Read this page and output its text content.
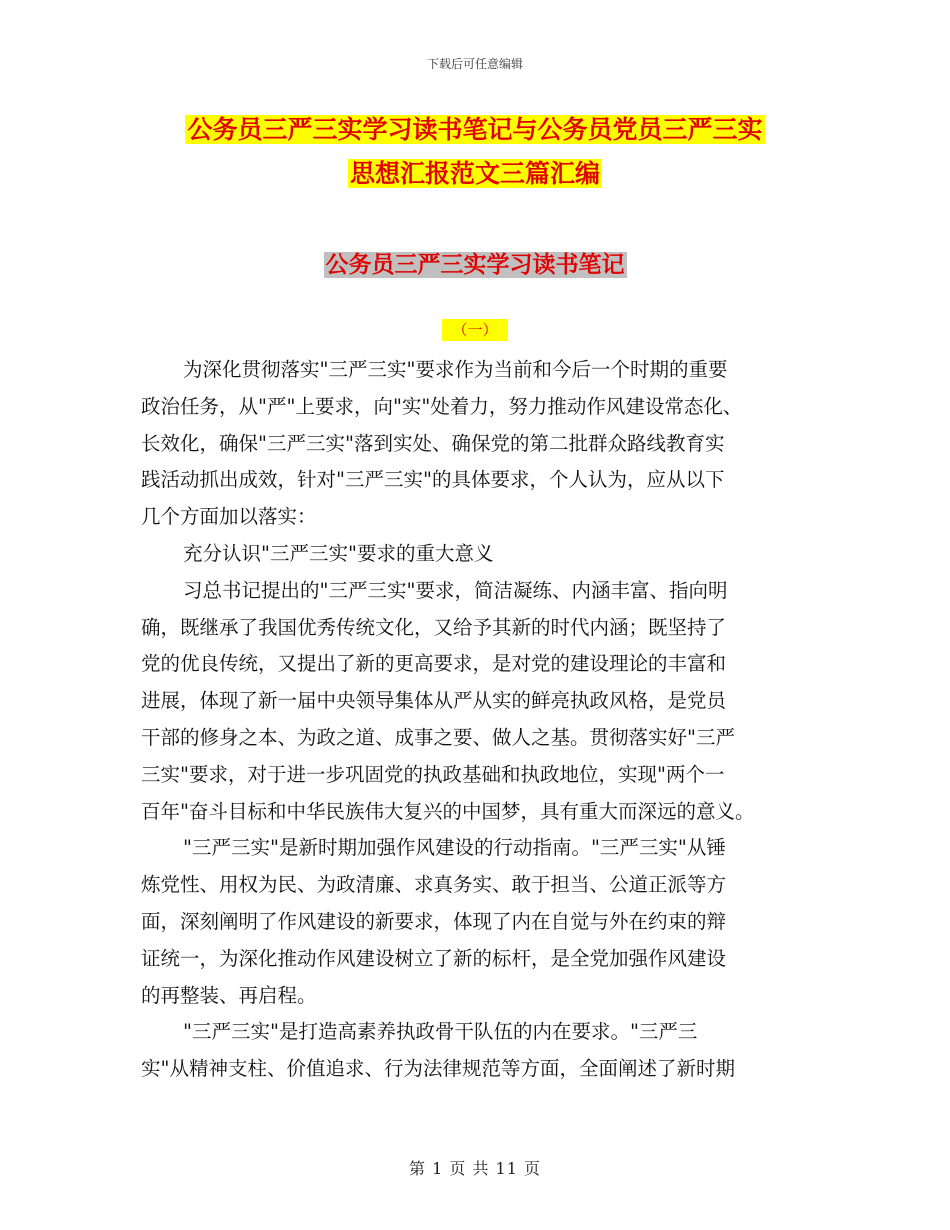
下载后可任意编辑
公务员三严三实学习读书笔记与公务员党员三严三实
思想汇报范文三篇汇编
公务员三严三实学习读书笔记
（一）
为深化贯彻落实"三严三实"要求作为当前和今后一个时期的重要
政治任务，从"严"上要求，向"实"处着力，努力推动作风建设常态化、
长效化，确保"三严三实"落到实处、确保党的第二批群众路线教育实
践活动抓出成效，针对"三严三实"的具体要求，个人认为，应从以下
几个方面加以落实：
充分认识"三严三实"要求的重大意义
习总书记提出的"三严三实"要求，简洁凝练、内涵丰富、指向明
确，既继承了我国优秀传统文化，又给予其新的时代内涵；既坚持了
党的优良传统，又提出了新的更高要求，是对党的建设理论的丰富和
进展，体现了新一届中央领导集体从严从实的鲜亮执政风格，是党员
干部的修身之本、为政之道、成事之要、做人之基。贯彻落实好"三严
三实"要求，对于进一步巩固党的执政基础和执政地位，实现"两个一
百年"奋斗目标和中华民族伟大复兴的中国梦，具有重大而深远的意义。
"三严三实"是新时期加强作风建设的行动指南。"三严三实"从锤
炼党性、用权为民、为政清廉、求真务实、敢于担当、公道正派等方
面，深刻阐明了作风建设的新要求，体现了内在自觉与外在约束的辩
证统一，为深化推动作风建设树立了新的标杆，是全党加强作风建设
的再整装、再启程。
"三严三实"是打造高素养执政骨干队伍的内在要求。"三严三
实"从精神支柱、价值追求、行为法律规范等方面，全面阐述了新时期
第 1 页 共 11 页
